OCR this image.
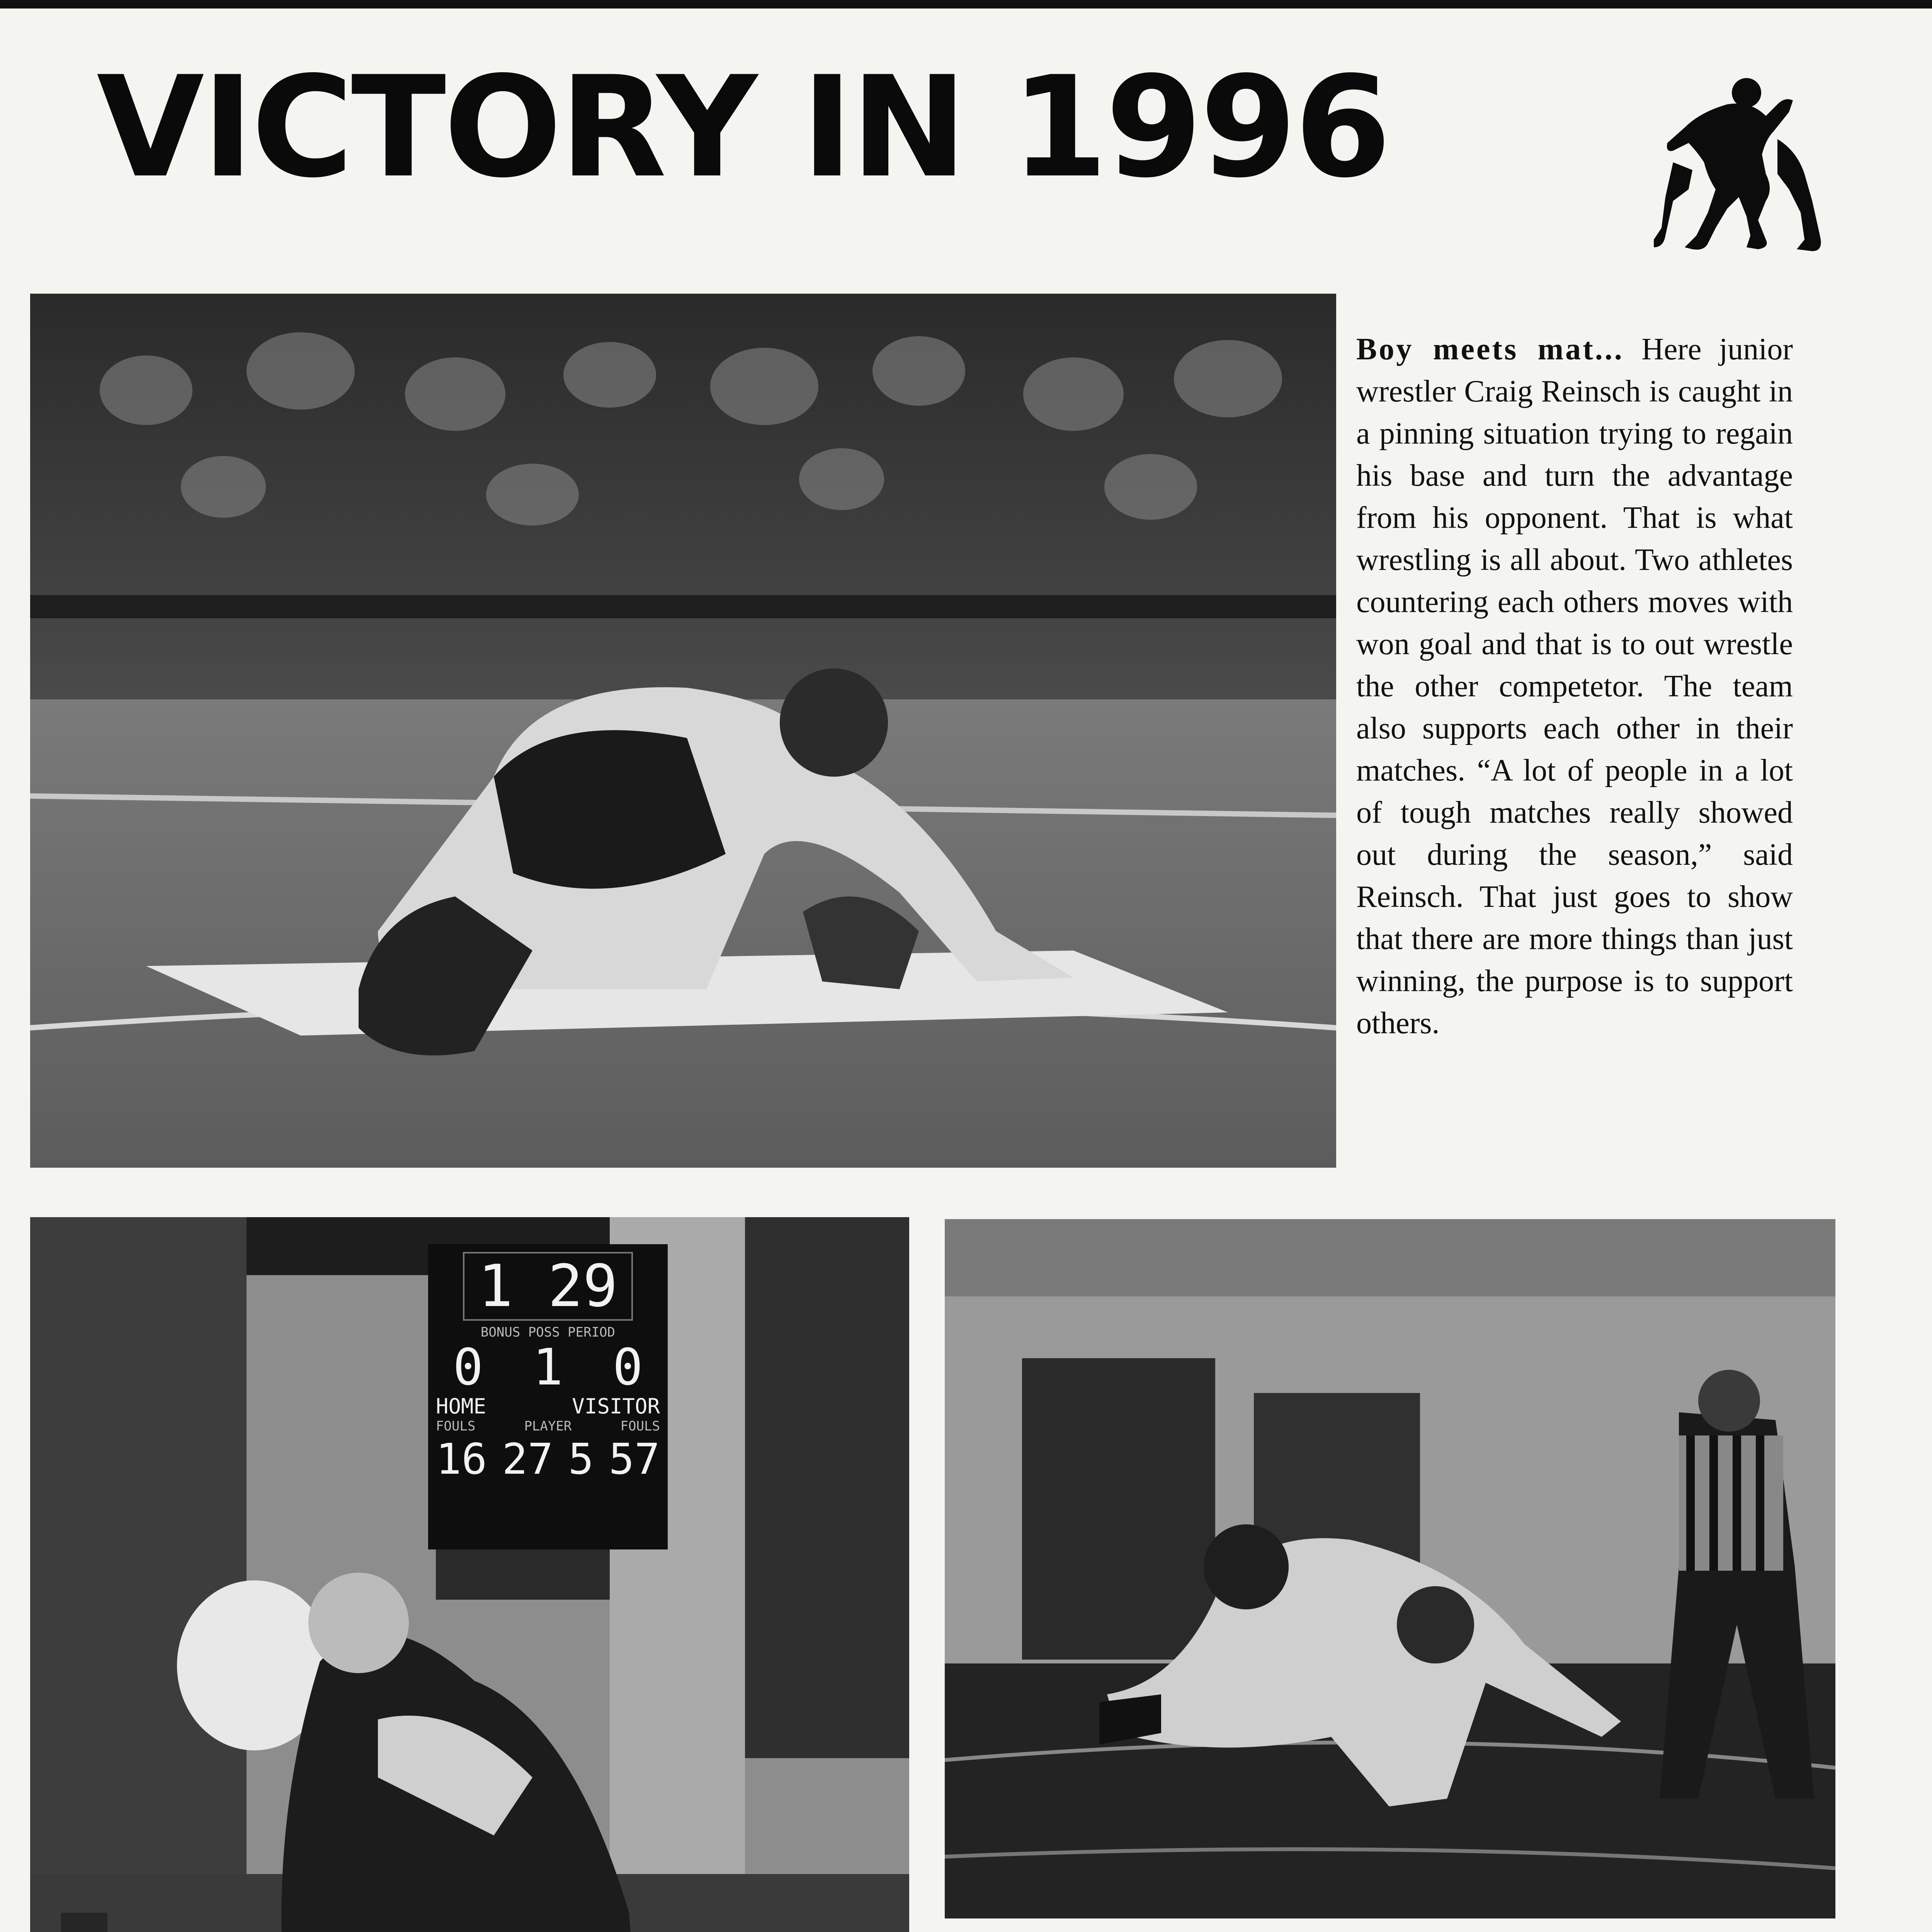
VICTORY IN 1996
Boy meets mat... Here junior wrestler Craig Reinsch is caught in a pinning situation trying to regain his base and turn the advantage from his opponent. That is what wrestling is all about. Two athletes countering each others moves with won goal and that is to out wrestle the other competetor. The team also supports each other in their matches. “A lot of people in a lot of tough matches really showed out during the season,” said Reinsch. That just goes to show that there are more things than just winning, the purpose is to support others.
1 29
BONUS POSS PERIOD
0 1 0
HOME	VISITOR
FOULS	PLAYER	FOULS
16 27 5 57
